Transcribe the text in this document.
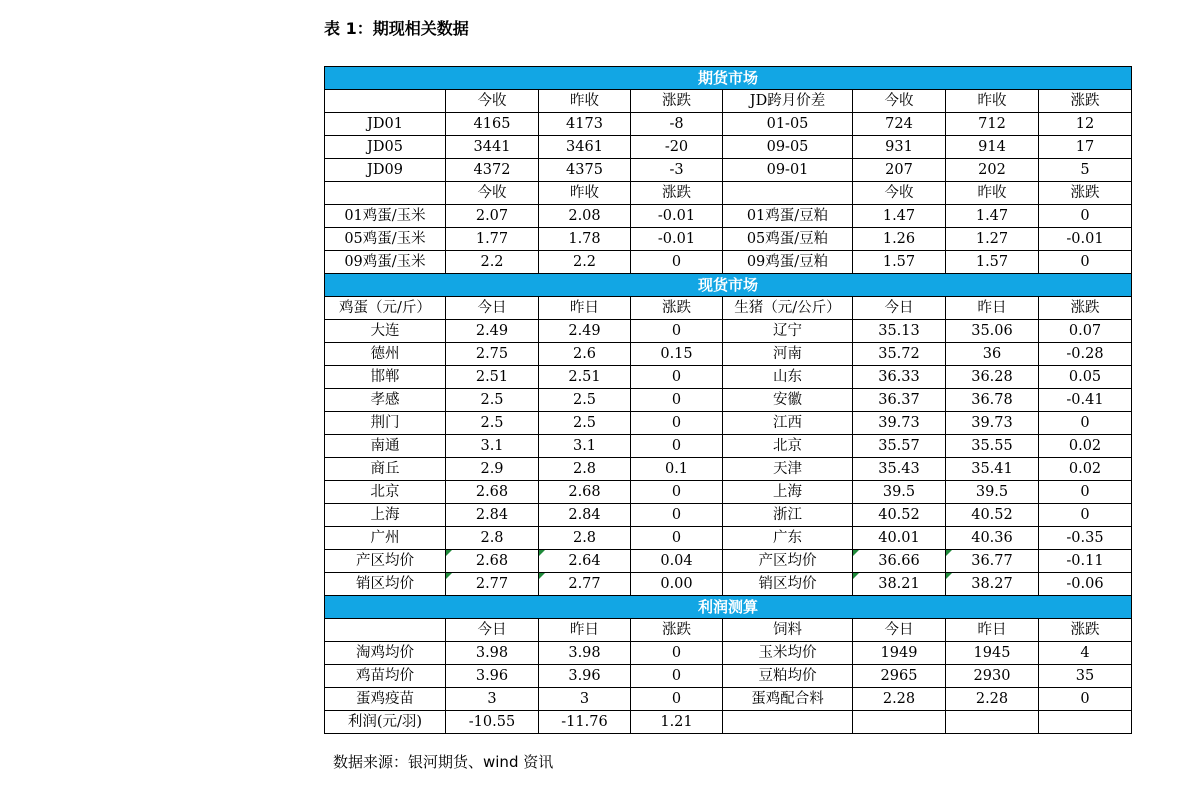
表 1：期现相关数据
期货市场							
	今收	昨收	涨跌	JD跨月价差	今收	昨收	涨跌
JD01	4165	4173	-8	01-05	724	712	12
JD05	3441	3461	-20	09-05	931	914	17
JD09	4372	4375	-3	09-01	207	202	5
	今收	昨收	涨跌		今收	昨收	涨跌
01鸡蛋/玉米	2.07	2.08	-0.01	01鸡蛋/豆粕	1.47	1.47	0
05鸡蛋/玉米	1.77	1.78	-0.01	05鸡蛋/豆粕	1.26	1.27	-0.01
09鸡蛋/玉米	2.2	2.2	0	09鸡蛋/豆粕	1.57	1.57	0
现货市场							
鸡蛋（元/斤）	今日	昨日	涨跌	生猪（元/公斤）	今日	昨日	涨跌
大连	2.49	2.49	0	辽宁	35.13	35.06	0.07
德州	2.75	2.6	0.15	河南	35.72	36	-0.28
邯郸	2.51	2.51	0	山东	36.33	36.28	0.05
孝感	2.5	2.5	0	安徽	36.37	36.78	-0.41
荆门	2.5	2.5	0	江西	39.73	39.73	0
南通	3.1	3.1	0	北京	35.57	35.55	0.02
商丘	2.9	2.8	0.1	天津	35.43	35.41	0.02
北京	2.68	2.68	0	上海	39.5	39.5	0
上海	2.84	2.84	0	浙江	40.52	40.52	0
广州	2.8	2.8	0	广东	40.01	40.36	-0.35
产区均价	2.68	2.64	0.04	产区均价	36.66	36.77	-0.11
销区均价	2.77	2.77	0.00	销区均价	38.21	38.27	-0.06
利润测算							
	今日	昨日	涨跌	饲料	今日	昨日	涨跌
淘鸡均价	3.98	3.98	0	玉米均价	1949	1945	4
鸡苗均价	3.96	3.96	0	豆粕均价	2965	2930	35
蛋鸡疫苗	3	3	0	蛋鸡配合料	2.28	2.28	0
利润(元/羽)	-10.55	-11.76	1.21				
数据来源：银河期货、wind 资讯
